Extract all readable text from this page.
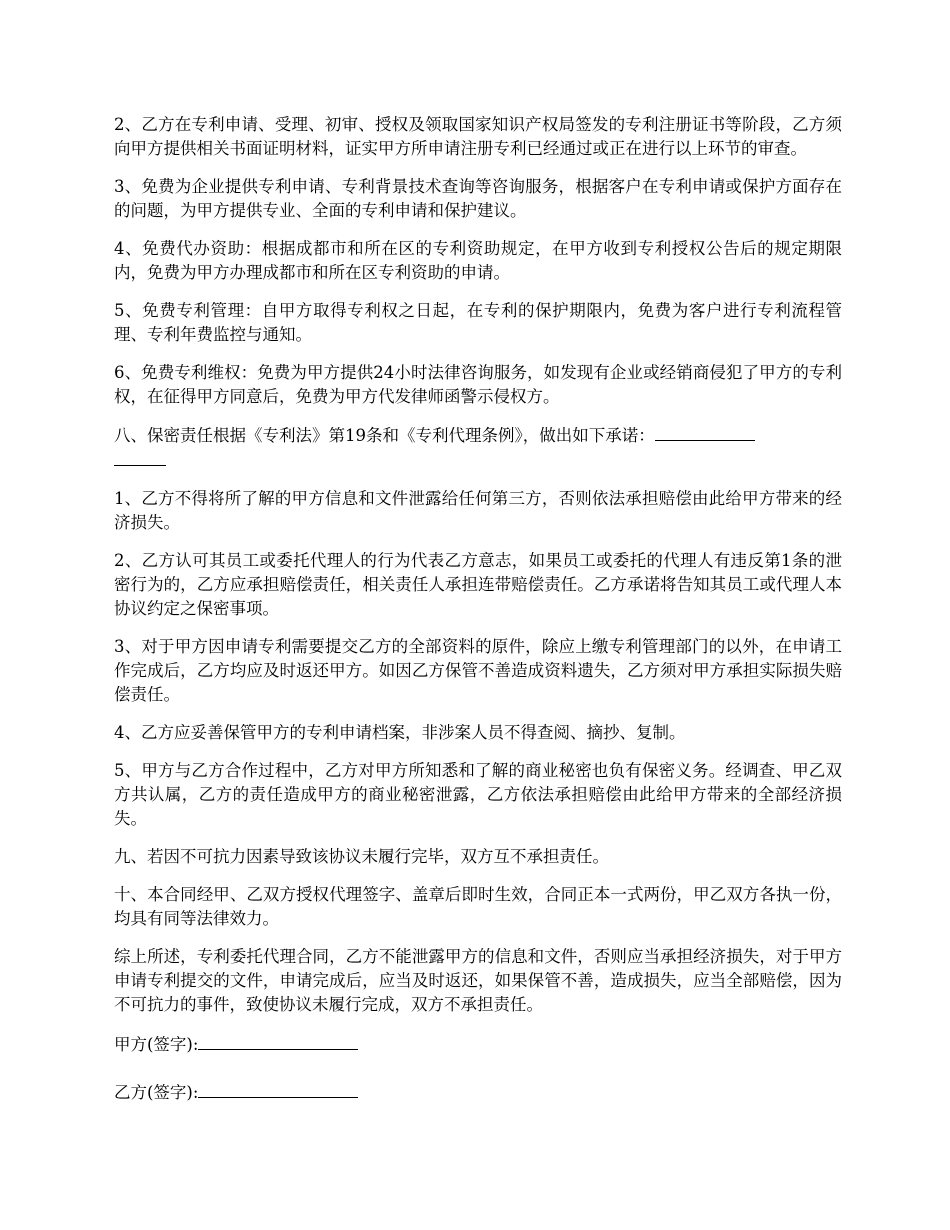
2、乙方在专利申请、受理、初审、授权及领取国家知识产权局签发的专利注册证书等阶段，乙方须向甲方提供相关书面证明材料，证实甲方所申请注册专利已经通过或正在进行以上环节的审查。

3、免费为企业提供专利申请、专利背景技术查询等咨询服务，根据客户在专利申请或保护方面存在的问题，为甲方提供专业、全面的专利申请和保护建议。

4、免费代办资助：根据成都市和所在区的专利资助规定，在甲方收到专利授权公告后的规定期限内，免费为甲方办理成都市和所在区专利资助的申请。

5、免费专利管理：自甲方取得专利权之日起，在专利的保护期限内，免费为客户进行专利流程管理、专利年费监控与通知。

6、免费专利维权：免费为甲方提供24小时法律咨询服务，如发现有企业或经销商侵犯了甲方的专利权，在征得甲方同意后，免费为甲方代发律师函警示侵权方。

八、保密责任根据《专利法》第19条和《专利代理条例》，做出如下承诺：

1、乙方不得将所了解的甲方信息和文件泄露给任何第三方，否则依法承担赔偿由此给甲方带来的经济损失。

2、乙方认可其员工或委托代理人的行为代表乙方意志，如果员工或委托的代理人有违反第1条的泄密行为的，乙方应承担赔偿责任，相关责任人承担连带赔偿责任。乙方承诺将告知其员工或代理人本协议约定之保密事项。

3、对于甲方因申请专利需要提交乙方的全部资料的原件，除应上缴专利管理部门的以外，在申请工作完成后，乙方均应及时返还甲方。如因乙方保管不善造成资料遗失，乙方须对甲方承担实际损失赔偿责任。

4、乙方应妥善保管甲方的专利申请档案，非涉案人员不得查阅、摘抄、复制。

5、甲方与乙方合作过程中，乙方对甲方所知悉和了解的商业秘密也负有保密义务。经调查、甲乙双方共认属，乙方的责任造成甲方的商业秘密泄露，乙方依法承担赔偿由此给甲方带来的全部经济损失。

九、若因不可抗力因素导致该协议未履行完毕，双方互不承担责任。

十、本合同经甲、乙双方授权代理签字、盖章后即时生效，合同正本一式两份，甲乙双方各执一份，均具有同等法律效力。

综上所述，专利委托代理合同，乙方不能泄露甲方的信息和文件，否则应当承担经济损失，对于甲方申请专利提交的文件，申请完成后，应当及时返还，如果保管不善，造成损失，应当全部赔偿，因为不可抗力的事件，致使协议未履行完成，双方不承担责任。

甲方(签字):
乙方(签字):
